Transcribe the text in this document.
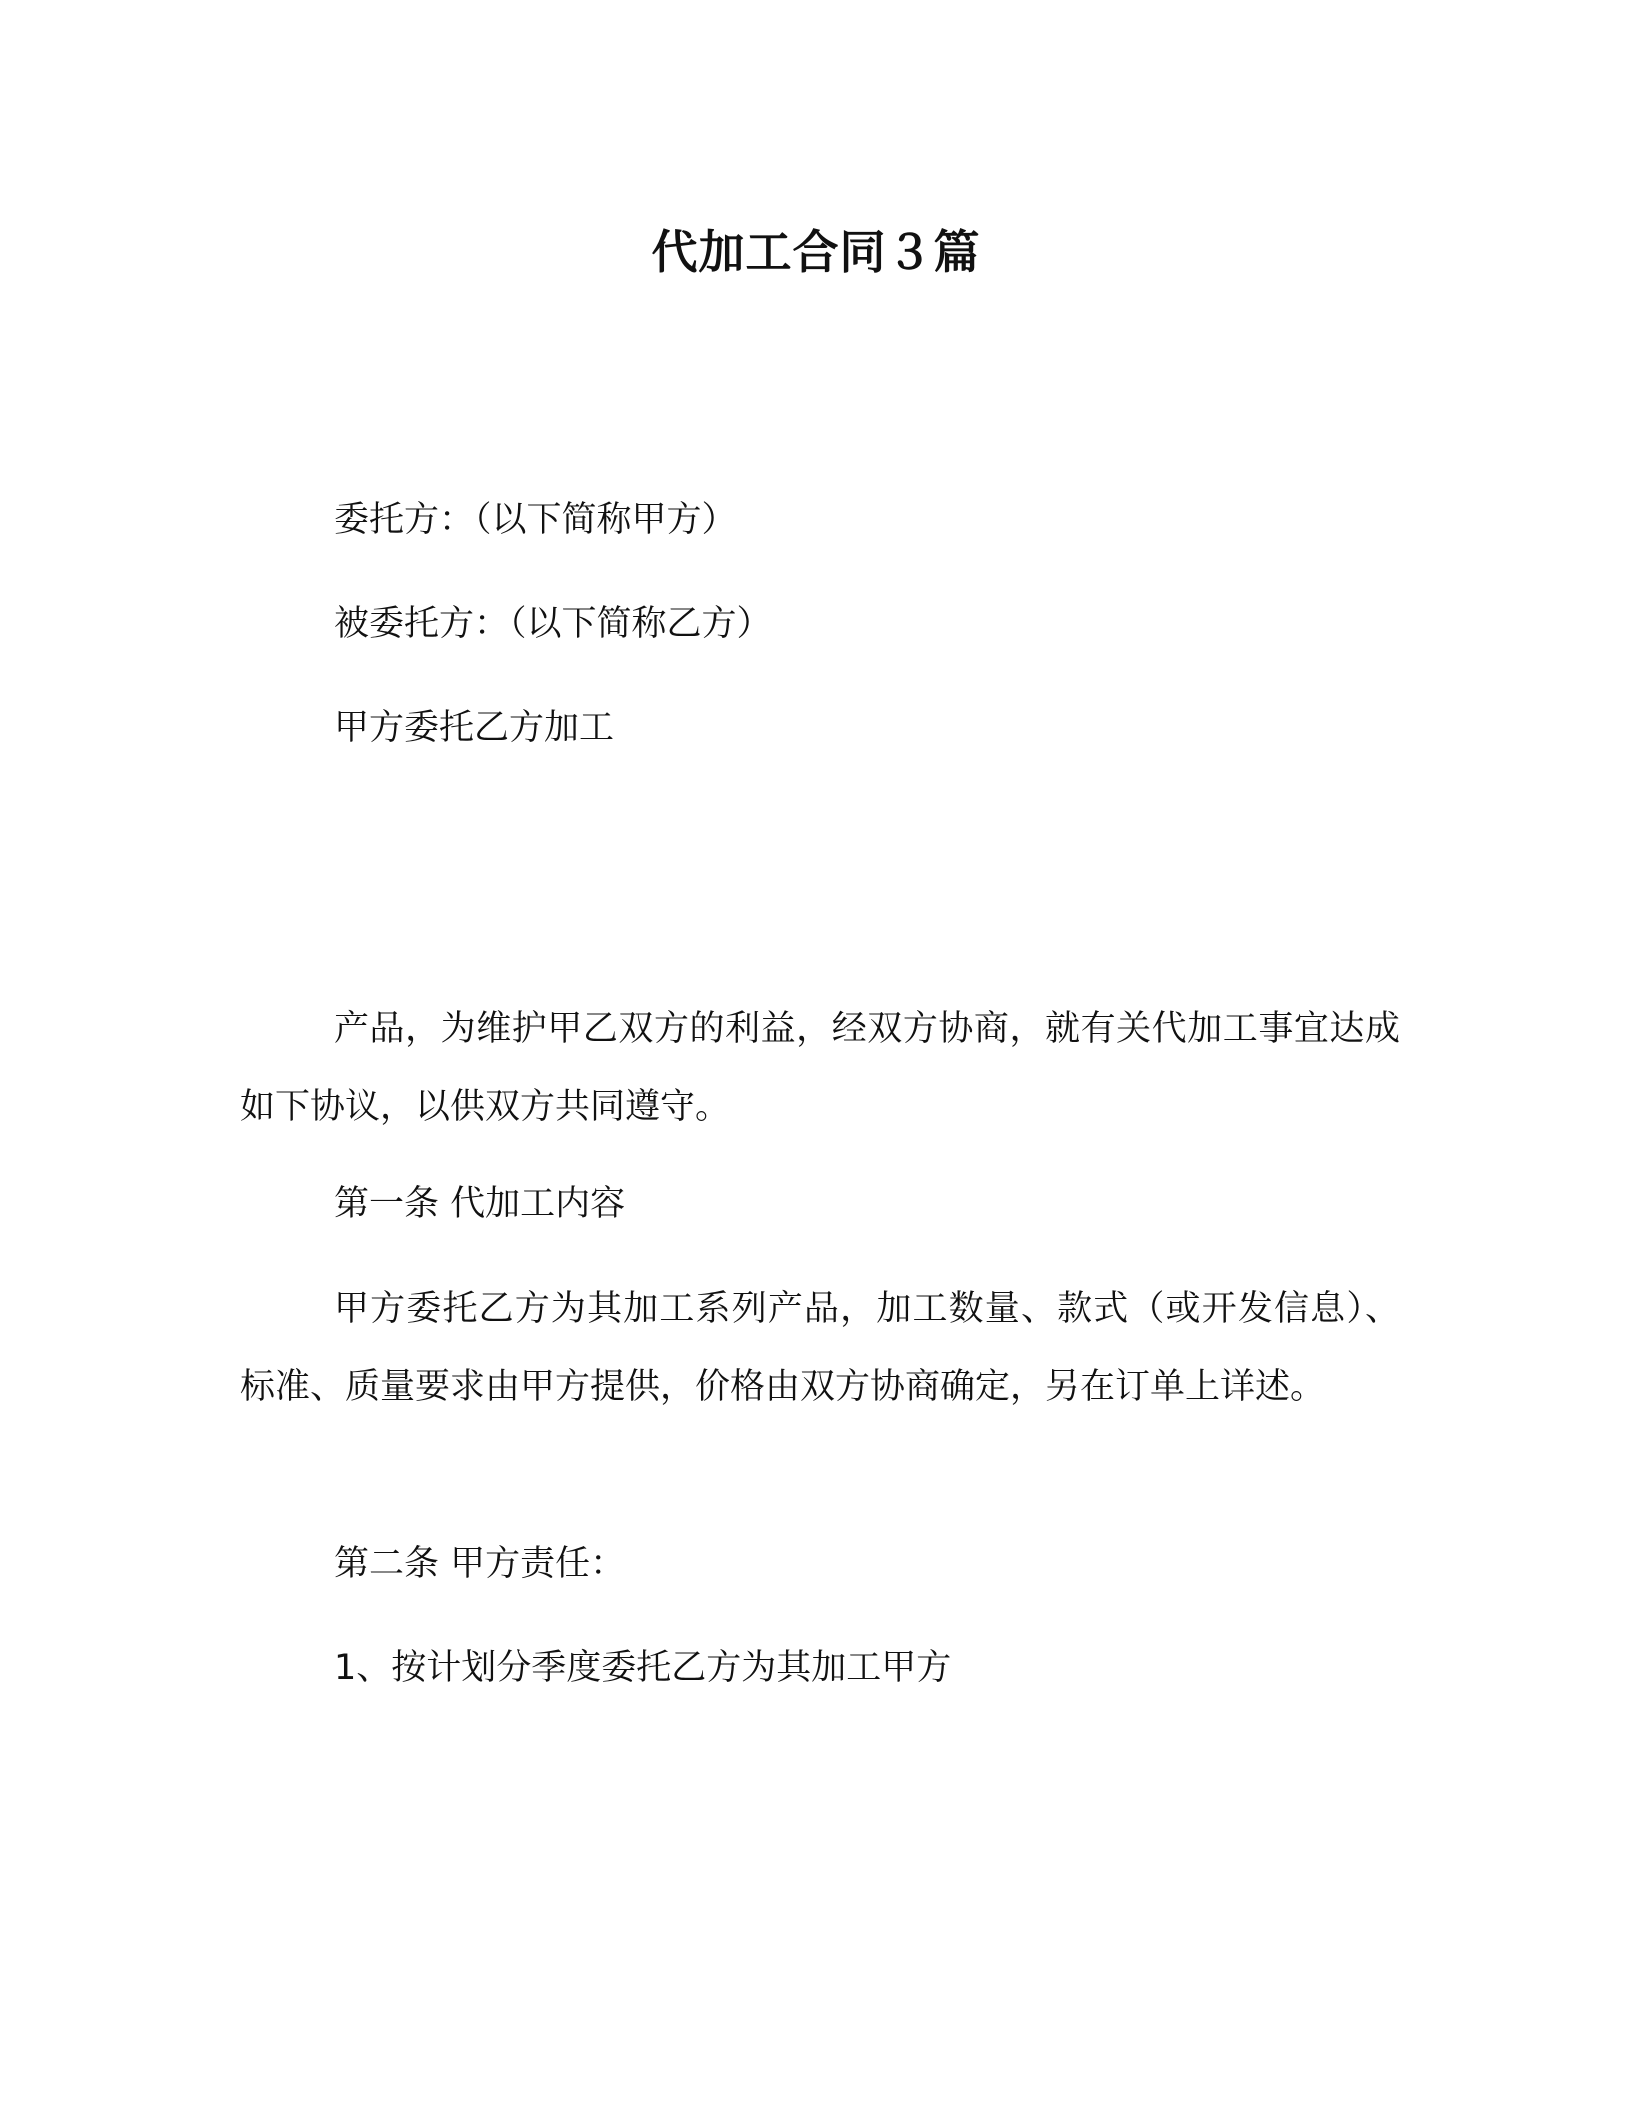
代加工合同３篇
委托方：（以下简称甲方）
被委托方：（以下简称乙方）
甲方委托乙方加工
产品，为维护甲乙双方的利益，经双方协商，就有关代加工事宜达成如下协议，以供双方共同遵守。
第一条 代加工内容
甲方委托乙方为其加工系列产品，加工数量、款式（或开发信息）、标准、质量要求由甲方提供，价格由双方协商确定，另在订单上详述。
第二条 甲方责任：
1、按计划分季度委托乙方为其加工甲方
